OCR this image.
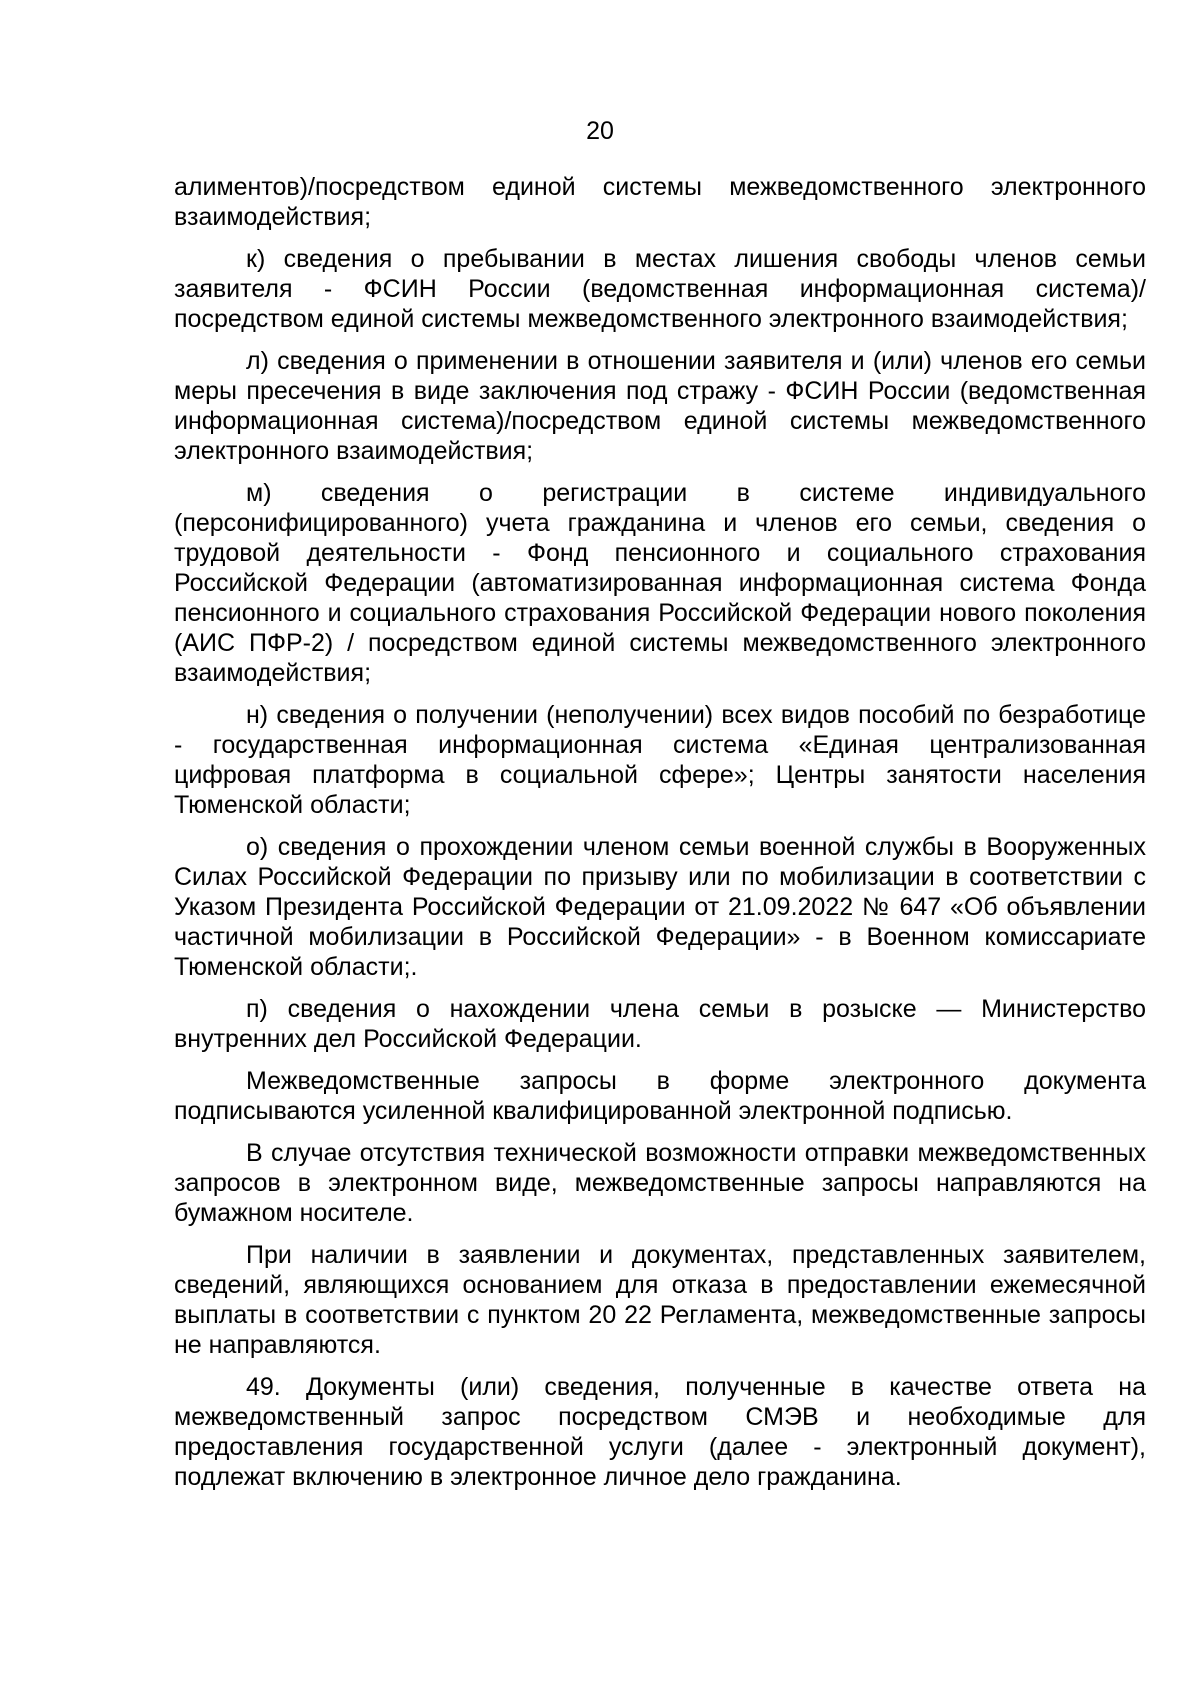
20

алиментов)/посредством единой системы межведомственного электронного взаимодействия;

к) сведения о пребывании в местах лишения свободы членов семьи заявителя - ФСИН России (ведомственная информационная система)/посредством единой системы межведомственного электронного взаимодействия;

л) сведения о применении в отношении заявителя и (или) членов его семьи меры пресечения в виде заключения под стражу - ФСИН России (ведомственная информационная система)/посредством единой системы межведомственного электронного взаимодействия;

м) сведения о регистрации в системе индивидуального (персонифицированного) учета гражданина и членов его семьи, сведения о трудовой деятельности - Фонд пенсионного и социального страхования Российской Федерации (автоматизированная информационная система Фонда пенсионного и социального страхования Российской Федерации нового поколения (АИС ПФР-2) / посредством единой системы межведомственного электронного взаимодействия;

н) сведения о получении (неполучении) всех видов пособий по безработице - государственная информационная система «Единая централизованная цифровая платформа в социальной сфере»; Центры занятости населения Тюменской области;

о) сведения о прохождении членом семьи военной службы в Вооруженных Силах Российской Федерации по призыву или по мобилизации в соответствии с Указом Президента Российской Федерации от 21.09.2022 № 647 «Об объявлении частичной мобилизации в Российской Федерации» - в Военном комиссариате Тюменской области;.

п) сведения о нахождении члена семьи в розыске — Министерство внутренних дел Российской Федерации.

Межведомственные запросы в форме электронного документа подписываются усиленной квалифицированной электронной подписью.

В случае отсутствия технической возможности отправки межведомственных запросов в электронном виде, межведомственные запросы направляются на бумажном носителе.

При наличии в заявлении и документах, представленных заявителем, сведений, являющихся основанием для отказа в предоставлении ежемесячной выплаты в соответствии с пунктом 20 22 Регламента, межведомственные запросы не направляются.

49. Документы (или) сведения, полученные в качестве ответа на межведомственный запрос посредством СМЭВ и необходимые для предоставления государственной услуги (далее - электронный документ), подлежат включению в электронное личное дело гражданина.
